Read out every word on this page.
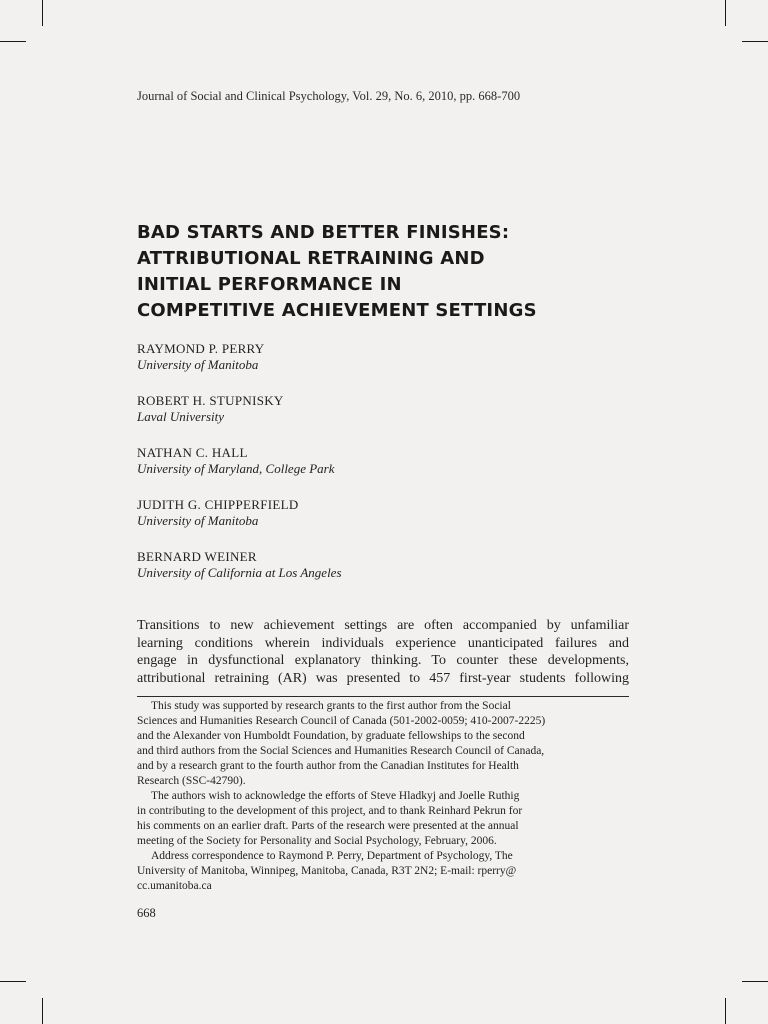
Journal of Social and Clinical Psychology, Vol. 29, No. 6, 2010, pp. 668-700
BAD STARTS AND BETTER FINISHES:
ATTRIBUTIONAL RETRAINING AND
INITIAL PERFORMANCE IN
COMPETITIVE ACHIEVEMENT SETTINGS
RAYMOND P. PERRY
University of Manitoba
ROBERT H. STUPNISKY
Laval University
NATHAN C. HALL
University of Maryland, College Park
JUDITH G. CHIPPERFIELD
University of Manitoba
BERNARD WEINER
University of California at Los Angeles

Transitions to new achievement settings are often accompanied by unfamiliar
learning conditions wherein individuals experience unanticipated failures and
engage in dysfunctional explanatory thinking. To counter these developments,
attributional retraining (AR) was presented to 457 first-year students following

This study was supported by research grants to the first author from the Social
Sciences and Humanities Research Council of Canada (501-2002-0059; 410-2007-2225)
and the Alexander von Humboldt Foundation, by graduate fellowships to the second
and third authors from the Social Sciences and Humanities Research Council of Canada,
and by a research grant to the fourth author from the Canadian Institutes for Health
Research (SSC-42790).
The authors wish to acknowledge the efforts of Steve Hladkyj and Joelle Ruthig
in contributing to the development of this project, and to thank Reinhard Pekrun for
his comments on an earlier draft. Parts of the research were presented at the annual
meeting of the Society for Personality and Social Psychology, February, 2006.
Address correspondence to Raymond P. Perry, Department of Psychology, The
University of Manitoba, Winnipeg, Manitoba, Canada, R3T 2N2; E-mail: rperry@
cc.umanitoba.ca
668
